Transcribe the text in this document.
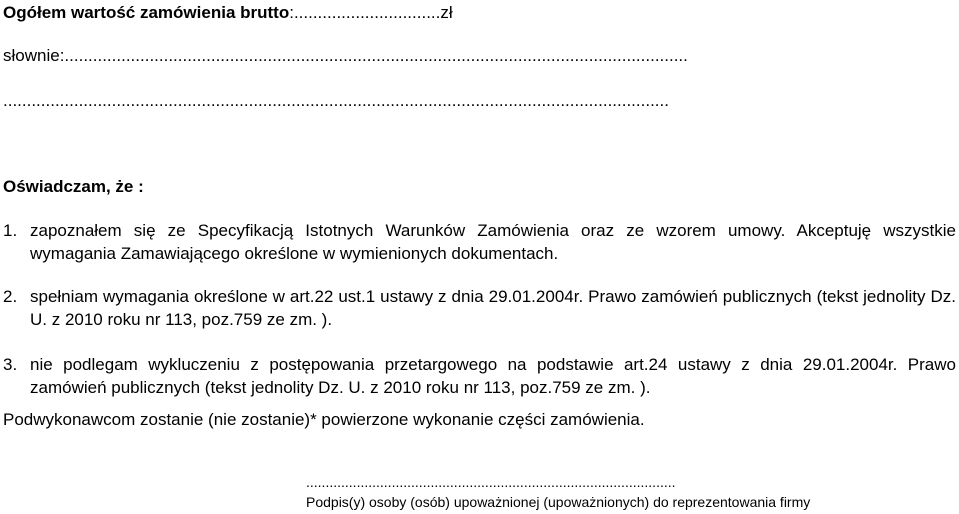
Ogółem wartość zamówienia brutto:...............................zł
słownie:....................................................................................................................................
.............................................................................................................................................
Oświadczam, że :
1. zapoznałem się ze Specyfikacją Istotnych Warunków Zamówienia oraz ze wzorem umowy. Akceptuję wszystkie wymagania Zamawiającego określone w wymienionych dokumentach.
2. spełniam wymagania określone w art.22 ust.1 ustawy z dnia 29.01.2004r. Prawo zamówień publicznych (tekst jednolity Dz. U. z 2010 roku nr 113, poz.759 ze zm. ).
3. nie podlegam wykluczeniu z postępowania przetargowego na podstawie art.24 ustawy z dnia 29.01.2004r. Prawo zamówień publicznych (tekst jednolity Dz. U. z 2010 roku nr 113, poz.759 ze zm. ).
Podwykonawcom zostanie (nie zostanie)* powierzone wykonanie części zamówienia.
...............................................................................................
Podpis(y) osoby (osób) upoważnionej (upoważnionych) do reprezentowania firmy
